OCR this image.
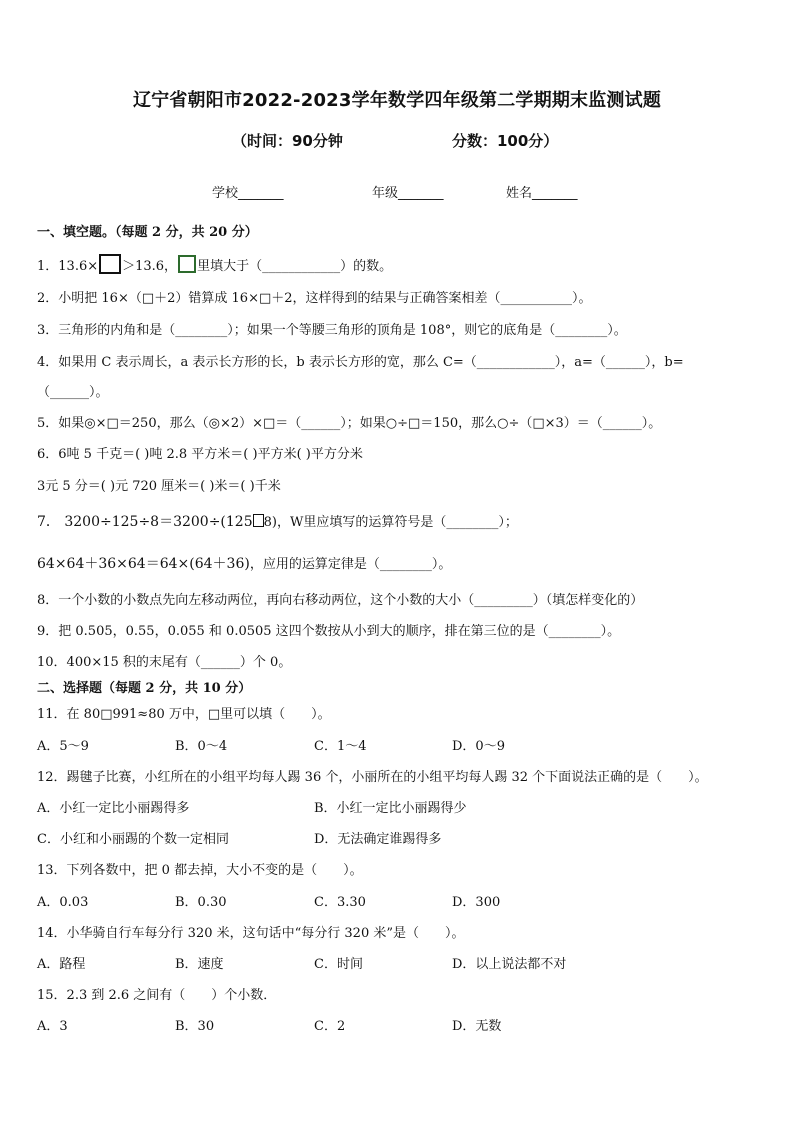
辽宁省朝阳市2022-2023学年数学四年级第二学期期末监测试题
（时间：90分钟	分数：100分）
学校_______	年级_______	姓名_______
一、填空题。（每题 2 分，共 20 分）
1．13.6× ＞13.6， 里填大于（____________）的数。
2．小明把 16×（□＋2）错算成 16×□＋2，这样得到的结果与正确答案相差（___________）。
3．三角形的内角和是（________）；如果一个等腰三角形的顶角是 108°，则它的底角是（________）。
4．如果用 C 表示周长，a 表示长方形的长，b 表示长方形的宽，那么 C=（____________），a=（______），b=
（______）。
5．如果◎×□＝250，那么（◎×2）×□＝（______）；如果○÷□＝150，那么○÷（□×3）＝（______）。
6．6吨 5 千克＝( )吨 2.8 平方米＝( )平方米( )平方分米
3元 5 分＝( )元 720 厘米＝( )米＝( )千米
7． 3200÷125÷8＝3200÷(125 8)，W里应填写的运算符号是（________）；
64×64＋36×64＝64×(64＋36)，应用的运算定律是（________）。
8．一个小数的小数点先向左移动两位，再向右移动两位，这个小数的大小（_________）（填怎样变化的）
9．把 0.505，0.55，0.055 和 0.0505 这四个数按从小到大的顺序，排在第三位的是（________）。
10．400×15 积的末尾有（______）个 0。
二、选择题（每题 2 分，共 10 分）
11．在 80□991≈80 万中，□里可以填（　　）。
A．5～9	B．0～4	C．1～4	D．0～9
12．踢毽子比赛，小红所在的小组平均每人踢 36 个，小丽所在的小组平均每人踢 32 个下面说法正确的是（　　）。
A．小红一定比小丽踢得多	B．小红一定比小丽踢得少
C．小红和小丽踢的个数一定相同	D．无法确定谁踢得多
13．下列各数中，把 0 都去掉，大小不变的是（　　）。
A．0.03	B．0.30	C．3.30	D．300
14．小华骑自行车每分行 320 米，这句话中“每分行 320 米”是（　　）。
A．路程	B．速度	C．时间	D．以上说法都不对
15．2.3 到 2.6 之间有（　　）个小数．
A．3	B．30	C．2	D．无数
